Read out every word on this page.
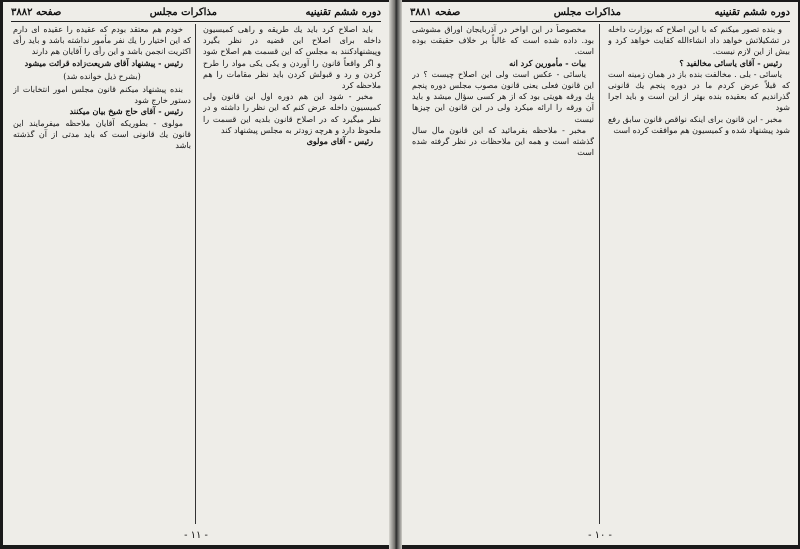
دوره ششم تقنینیه
مذاکرات مجلس
صفحه ۳۸۸۲

بايد اصلاح كرد بايد يك طريقه و راهی كميسيون داخله برای اصلاح اين قضيه در نظر بگيرد وپيشنهادكنند به مجلس كه اين قسمت هم اصلاح شود و اگر واقعاً قانون را آوردن و يكی يكی مواد را طرح كردن و رد و قبولش كردن بايد نظر مقامات را هم ملاحظه كرد

مخبر - شود اين هم دوره اول اين قانون ولی كميسيون داخله عرض كنم كه اين نظر را داشته و در نظر ميگيرد كه در اصلاح قانون بلديه اين قسمت را ملحوظ دارد و هرچه زودتر به مجلس پيشنهاد كند

رئيس - آقای مولوی

خودم هم معتقد بودم كه عقيده را عقيده ای دارم كه اين اختيار را يك نفر مأمور نداشته باشد و بايد رأی اكثريت انجمن باشد و اين رأی را آقايان هم دارند

رئيس - پيشنهاد آقای شريعت‌زاده قرائت ميشود

(بشرح ذيل خوانده شد)

بنده پيشنهاد ميكنم قانون مجلس امور انتخابات از دستور خارج شود

رئيس - آقای حاج شيخ بيان ميكنند

مولوی - بطوريكه آقايان ملاحظه ميفرمايند اين قانون يك قانونی است كه بايد مدتی از آن گذشته باشد

- ۱۱ -
دوره ششم تقنینیه
مذاکرات مجلس
صفحه ۳۸۸۱

و بنده تصور ميكنم كه با اين اصلاح كه بوزارت داخله در تشكيلاتش خواهد داد انشاءالله كفايت خواهد كرد و بيش از اين لازم نيست.

رئيس - آقای ياسائی مخالفيد ؟

ياسائی - بلی . مخالفت بنده باز در همان زمينه است كه قبلاً عرض كردم ما در دوره پنجم يك قانونی گذرانديم كه بعقيده بنده بهتر از اين است و بايد اجرا شود

مخبر - اين قانون برای اينكه نواقص قانون سابق رفع شود پيشنهاد شده و كميسيون هم موافقت كرده است

مخصوصاً در اين اواخر در آذربايجان اوراق مشوشی بود. داده شده است كه غالباً بر خلاف حقيقت بوده است.

بيات - مأمورين كرد انه

ياسائی - عكس است ولی اين اصلاح چيست ؟ در اين قانون فعلی يعنی قانون مصوب مجلس دوره پنجم يك ورقه هويتی بود كه از هر كسی سؤال ميشد و بايد آن ورقه را ارائه ميكرد ولی در اين قانون اين چيزها نيست

مخبر - ملاحظه بفرمائيد كه اين قانون مال سال گذشته است و همه اين ملاحظات در نظر گرفته شده است

- ۱۰ -
